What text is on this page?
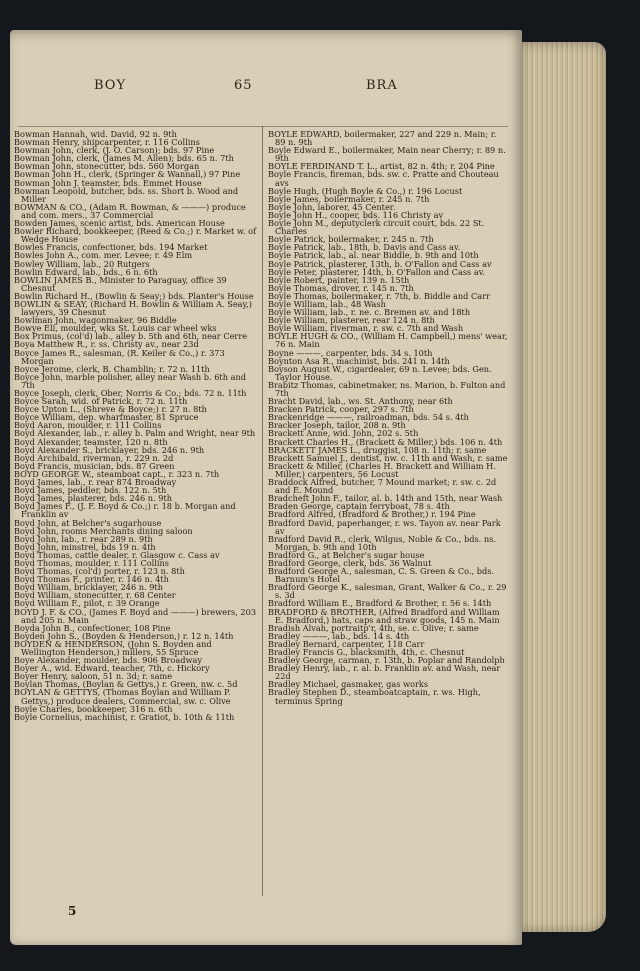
BOY	65	BRA
Bowman Hannah, wid. David, 92 n. 9th
Bowman Henry, shipcarpenter, r. 116 Collins
Bowman John, clerk, (J. O. Carson); bds. 97 Pine
Bowman John, clerk, (James M. Allen); bds. 65 n. 7th
Bowman John, stonecutter, bds. 560 Morgan
Bowman John H., clerk, (Springer & Wannall,) 97 Pine
Bowman John J. teamster, bds. Emmet House
Bowman Leopold, butcher, bds. ss. Short b. Wood and Miller
BOWMAN & CO., (Adam R. Bowman, & ———) produce and com. mers., 37 Commercial
Bowden James, scenic artist, bds. American House
Bowler Richard, bookkeeper, (Reed & Co.;) r. Market w. of Wedge House
Bowles Francis, confectioner, bds. 194 Market
Bowles John A., com. mer. Levee; r. 49 Elm
Bowley William, lab., 20 Rutgers
Bowlin Edward, lab., bds., 6 n. 6th
BOWLIN JAMES B., Minister to Paraguay, office 39 Chesnut
Bowlin Richard H., (Bowlin & Seay;) bds. Planter's House
BOWLIN & SEAY, (Richard H. Bowlin & William A. Seay,) lawyers, 39 Chesnut
Bowlman John, wagonmaker, 96 Biddle
Bowye Eli, moulder, wks St. Louis car wheel wks
Box Primus, (col'd) lab., alley b. 5th and 6th, near Cerre
Boya Matthew R., r. ss. Christy av., near 23d
Boyce James R., salesman, (R. Keiler & Co.,) r. 373 Morgan
Boyce Jerome, clerk, B. Chamblin; r. 72 n. 11th
Boyce John, marble polisher, alley near Wash b. 6th and 7th
Boyce Joseph, clerk, Ober, Norris & Co.; bds. 72 n. 11th
Boyce Sarah, wid. of Patrick, r. 72 n. 11th
Boyce Upton L., (Shreve & Boyce;) r. 27 n. 8th
Boyce William, dep. wharfmaster, 81 Spruce
Boyd Aaron, moulder, r. 111 Collins
Boyd Alexander, lab., r. alley b. Palm and Wright, near 9th
Boyd Alexander, teamster, 120 n. 8th
Boyd Alexander S., bricklayer, bds. 246 n. 9th
Boyd Archibald, riverman, r. 229 n. 2d
Boyd Francis, musician, bds. 87 Green
BOYD GEORGE W., steamboat capt., r. 323 n. 7th
Boyd James, lab., r. rear 874 Broadway
Boyd James, peddler, bds. 122 n. 5th
Boyd James, plasterer, bds. 246 n. 9th
Boyd James F., (J. F. Boyd & Co.;) r. 18 b. Morgan and Franklin av
Boyd John, at Belcher's sugarhouse
Boyd John, rooms Merchants dining saloon
Boyd John, lab., r. rear 289 n. 9th
Boyd John, minstrel, bds 19 n. 4th
Boyd Thomas, cattle dealer, r. Glasgow c. Cass av
Boyd Thomas, moulder, r. 111 Collins
Boyd Thomas, (col'd) porter, r. 123 n. 8th
Boyd Thomas F., printer, r. 146 n. 4th
Boyd William, bricklayer, 246 n. 9th
Boyd William, stonecutter, r. 68 Center
Boyd William F., pilot, r. 39 Orange
BOYD J. F. & CO., (James F. Boyd and ———) brewers, 203 and 205 n. Main
Boyda John B., confectioner, 108 Pine
Boyden John S., (Boyden & Henderson,) r. 12 n. 14th
BOYDEN & HENDERSON, (John S. Boyden and Wellington Henderson,) millers, 55 Spruce
Boye Alexander, moulder, bds. 906 Broadway
Boyer A., wid. Edward, teacher, 7th, c. Hickory
Boyer Henry, saloon, 51 n. 3d; r. same
Boylan Thomas, (Boylan & Gettys,) r. Green, nw. c. 5d
BOYLAN & GETTYS, (Thomas Boylan and William P. Gettys,) produce dealers, Commercial, sw. c. Olive
Boyle Charles, bookkeeper, 316 n. 6th
Boyle Cornelius, machinist, r. Gratiot, b. 10th & 11th
BOYLE EDWARD, boilermaker, 227 and 229 n. Main; r. 89 n. 9th
Boyle Edward E., boilermaker, Main near Cherry; r. 89 n. 9th
BOYLE FERDINAND T. L., artist, 82 n. 4th; r. 204 Pine
Boyle Francis, fireman, bds. sw. c. Pratte and Chouteau avs
Boyle Hugh, (Hugh Boyle & Co.,) r. 196 Locust
Boyle James, boilermaker, r. 245 n. 7th
Boyle John, laborer, 45 Center.
Boyle John H., cooper, bds. 116 Christy av
Boyle John M., deputyclerk circuit court, bds. 22 St. Charles
Boyle Patrick, boilermaker, r. 245 n. 7th
Boyle Patrick, lab., 18th, b. Davis and Cass av.
Boyle Patrick, lab., al. near Biddle, b. 9th and 10th
Boyle Patrick, plasterer, 13th, b. O'Fallon and Cass av
Boyle Peter, plasterer, 14th, b. O'Fallon and Cass av.
Boyle Robert, painter, 139 n. 15th
Boyle Thomas, drover, r. 145 n. 7th
Boyle Thomas, boilermaker, r. 7th, b. Biddle and Carr
Boyle William, lab., 48 Wash
Boyle William, lab., r. ne. c. Bremen av. and 18th
Boyle William, plasterer, rear 124 n. 8th
Boyle William, riverman, r. sw. c. 7th and Wash
BOYLE HUGH & CO., (William H. Campbell,) mens' wear, 76 n. Main
Boyne ———, carpenter, bds. 34 s. 10th
Boynton Asa R., machinist, bds. 241 n. 14th
Boyson August W., cigardealer, 69 n. Levee; bds. Gen. Taylor House.
Brabitz Thomas, cabinetmaker, ns. Marion, b. Fulton and 7th
Bracht David, lab., ws. St. Anthony, near 6th
Bracken Patrick, cooper, 297 s. 7th
Brackenridge ———, railroadman, bds. 54 s. 4th
Bracker Joseph, tailor, 208 n. 9th
Brackett Anne, wid. John, 202 s. 5th
Brackett Charles H., (Brackett & Miller,) bds. 106 n. 4th
BRACKETT JAMES L., druggist, 108 n. 11th; r. same
Brackett Samuel J., dentist, nw. c. 11th and Wash, r. same
Brackett & Miller, (Charles H. Brackett and William H. Miller,) carpenters, 56 Locust
Braddock Alfred, butcher, 7 Mound market; r. sw. c. 2d and E. Mound
Bradcheft John F., tailor, al. b. 14th and 15th, near Wash
Braden George, captain ferryboat, 78 s. 4th
Bradford Alfred, (Bradford & Brother,) r. 194 Pine
Bradford David, paperhanger, r. ws. Tayon av. near Park av
Bradford David R., clerk, Wilgus, Noble & Co., bds. ns. Morgan, b. 9th and 10th
Bradford G., at Belcher's sugar house
Bradford George, clerk, bds. 36 Walnut
Bradford George A., salesman, C. S. Green & Co., bds. Barnum's Hotel
Bradford George K., salesman, Grant, Walker & Co., r. 29 s. 3d
Bradford William E., Bradford & Brother, r. 56 s. 14th
BRADFORD & BROTHER, (Alfred Bradford and William E. Bradford,) hats, caps and straw goods, 145 n. Main
Bradish Alvah, portraitp'r, 4th, se. c. Olive; r. same
Bradley ———, lab., bds. 14 s. 4th
Bradley Bernard, carpenter, 118 Carr
Bradley Francis G., blacksmith, 4th, c. Chesnut
Bradley George, carman, r. 13th, b. Poplar and Randolph
Bradley Henry, lab., r. al. b. Franklin av. and Wash, near 22d
Bradley Michael, gasmaker, gas works
Bradley Stephen D., steamboatcaptain, r. ws. High, terminus Spring
5
